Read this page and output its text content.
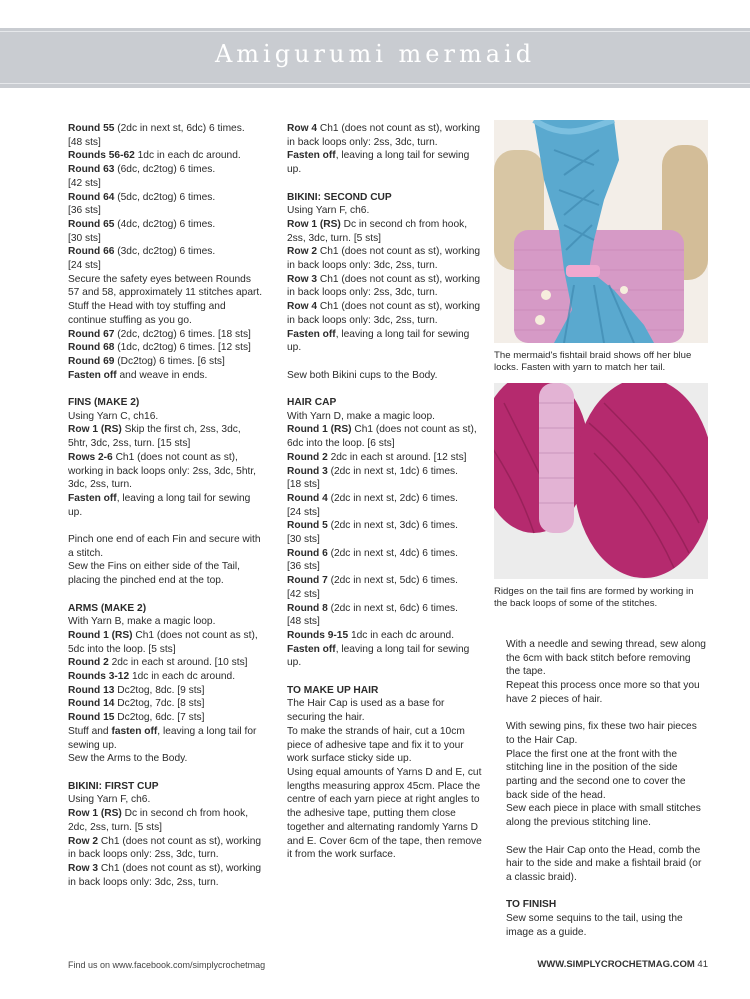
Amigurumi mermaid

Round 55 (2dc in next st, 6dc) 6 times.
[48 sts]

Rounds 56-62 1dc in each dc around.

Round 63 (6dc, dc2tog) 6 times.
[42 sts]

Round 64 (5dc, dc2tog) 6 times.
[36 sts]

Round 65 (4dc, dc2tog) 6 times.
[30 sts]

Round 66 (3dc, dc2tog) 6 times.
[24 sts]

Secure the safety eyes between Rounds 57 and 58, approximately 11 stitches apart.

Stuff the Head with toy stuffing and continue stuffing as you go.

Round 67 (2dc, dc2tog) 6 times. [18 sts]

Round 68 (1dc, dc2tog) 6 times. [12 sts]

Round 69 (Dc2tog) 6 times. [6 sts]

Fasten off and weave in ends.

FINS (MAKE 2)

Using Yarn C, ch16.

Row 1 (RS) Skip the first ch, 2ss, 3dc, 5htr, 3dc, 2ss, turn. [15 sts]

Rows 2-6 Ch1 (does not count as st), working in back loops only: 2ss, 3dc, 5htr, 3dc, 2ss, turn.

Fasten off, leaving a long tail for sewing up.

Pinch one end of each Fin and secure with a stitch.

Sew the Fins on either side of the Tail, placing the pinched end at the top.

ARMS (MAKE 2)

With Yarn B, make a magic loop.

Round 1 (RS) Ch1 (does not count as st), 5dc into the loop. [5 sts]

Round 2 2dc in each st around. [10 sts]

Rounds 3-12 1dc in each dc around.

Round 13 Dc2tog, 8dc. [9 sts]

Round 14 Dc2tog, 7dc. [8 sts]

Round 15 Dc2tog, 6dc. [7 sts]

Stuff and fasten off, leaving a long tail for sewing up.

Sew the Arms to the Body.

BIKINI: FIRST CUP

Using Yarn F, ch6.

Row 1 (RS) Dc in second ch from hook, 2dc, 2ss, turn. [5 sts]

Row 2 Ch1 (does not count as st), working in back loops only: 2ss, 3dc, turn.

Row 3 Ch1 (does not count as st), working in back loops only: 3dc, 2ss, turn.

Row 4 Ch1 (does not count as st), working in back loops only: 2ss, 3dc, turn.

Fasten off, leaving a long tail for sewing up.

BIKINI: SECOND CUP

Using Yarn F, ch6.

Row 1 (RS) Dc in second ch from hook, 2ss, 3dc, turn. [5 sts]

Row 2 Ch1 (does not count as st), working in back loops only: 3dc, 2ss, turn.

Row 3 Ch1 (does not count as st), working in back loops only: 2ss, 3dc, turn.

Row 4 Ch1 (does not count as st), working in back loops only: 3dc, 2ss, turn.

Fasten off, leaving a long tail for sewing up.

Sew both Bikini cups to the Body.

HAIR CAP

With Yarn D, make a magic loop.

Round 1 (RS) Ch1 (does not count as st), 6dc into the loop. [6 sts]

Round 2 2dc in each st around. [12 sts]

Round 3 (2dc in next st, 1dc) 6 times.
[18 sts]

Round 4 (2dc in next st, 2dc) 6 times.
[24 sts]

Round 5 (2dc in next st, 3dc) 6 times.
[30 sts]

Round 6 (2dc in next st, 4dc) 6 times.
[36 sts]

Round 7 (2dc in next st, 5dc) 6 times.
[42 sts]

Round 8 (2dc in next st, 6dc) 6 times.
[48 sts]

Rounds 9-15 1dc in each dc around.

Fasten off, leaving a long tail for sewing up.

TO MAKE UP HAIR

The Hair Cap is used as a base for securing the hair.

To make the strands of hair, cut a 10cm piece of adhesive tape and fix it to your work surface sticky side up.

Using equal amounts of Yarns D and E, cut lengths measuring approx 45cm. Place the centre of each yarn piece at right angles to the adhesive tape, putting them close together and alternating randomly Yarns D and E. Cover 6cm of the tape, then remove it from the work surface.

The mermaid's fishtail braid shows off her blue locks. Fasten with yarn to match her tail.

Ridges on the tail fins are formed by working in the back loops of some of the stitches.

With a needle and sewing thread, sew along the 6cm with back stitch before removing the tape.

Repeat this process once more so that you have 2 pieces of hair.

With sewing pins, fix these two hair pieces to the Hair Cap.

Place the first one at the front with the stitching line in the position of the side parting and the second one to cover the back side of the head.

Sew each piece in place with small stitches along the previous stitching line.

Sew the Hair Cap onto the Head, comb the hair to the side and make a fishtail braid (or a classic braid).

TO FINISH

Sew some sequins to the tail, using the image as a guide.

Find us on www.facebook.com/simplycrochetmag	WWW.SIMPLYCROCHETMAG.COM 41
